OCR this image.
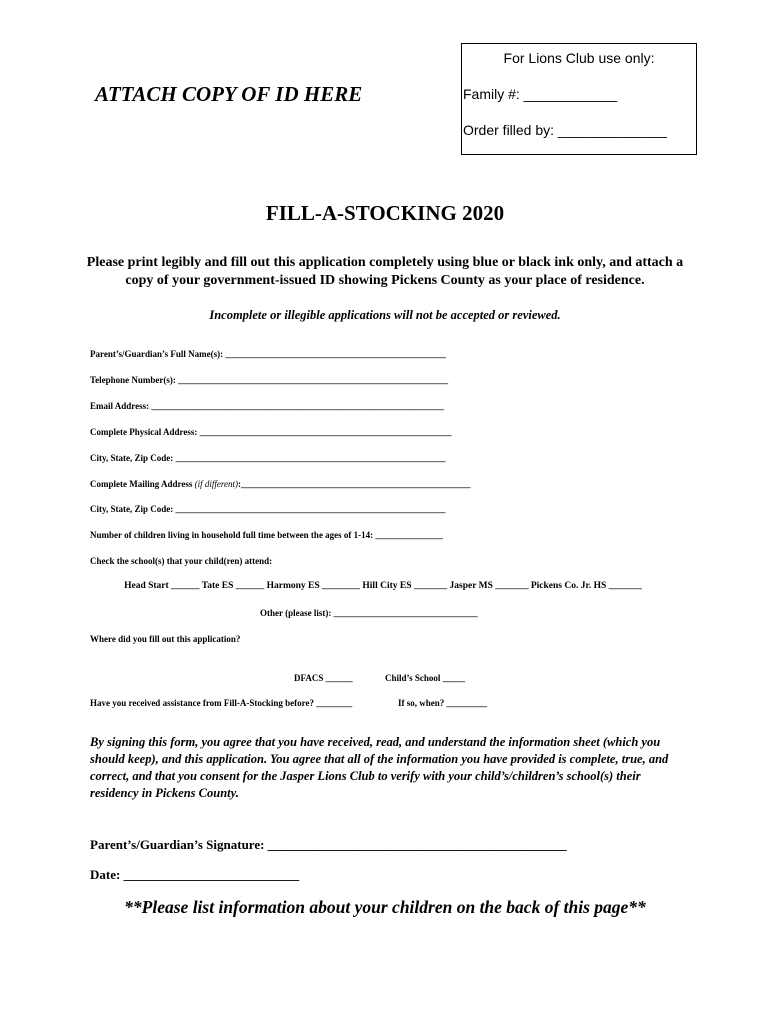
ATTACH COPY OF ID HERE
For Lions Club use only:
Family #: ____________
Order filled by: ______________
FILL-A-STOCKING 2020
Please print legibly and fill out this application completely using blue or black ink only, and attach a copy of your government-issued ID showing Pickens County as your place of residence.
Incomplete or illegible applications will not be accepted or reviewed.
Parent’s/Guardian’s Full Name(s): _________________________________________________
Telephone Number(s): ____________________________________________________________
Email Address: _________________________________________________________________
Complete Physical Address: ________________________________________________________
City, State, Zip Code: ____________________________________________________________
Complete Mailing Address (if different):___________________________________________________
City, State, Zip Code: ____________________________________________________________
Number of children living in household full time between the ages of 1-14: _______________
Check the school(s) that your child(ren) attend:
Head Start ______ Tate ES ______ Harmony ES ________ Hill City ES _______ Jasper MS _______ Pickens Co. Jr. HS _______
Other (please list): ________________________________
Where did you fill out this application?
DFACS ______	Child’s School _____
Have you received assistance from Fill-A-Stocking before? ________	If so, when? _________
By signing this form, you agree that you have received, read, and understand the information sheet (which you should keep), and this application. You agree that all of the information you have provided is complete, true, and correct, and that you consent for the Jasper Lions Club to verify with your child’s/children’s school(s) their residency in Pickens County.
Parent’s/Guardian’s Signature: ______________________________________________
Date: ___________________________
**Please list information about your children on the back of this page**
